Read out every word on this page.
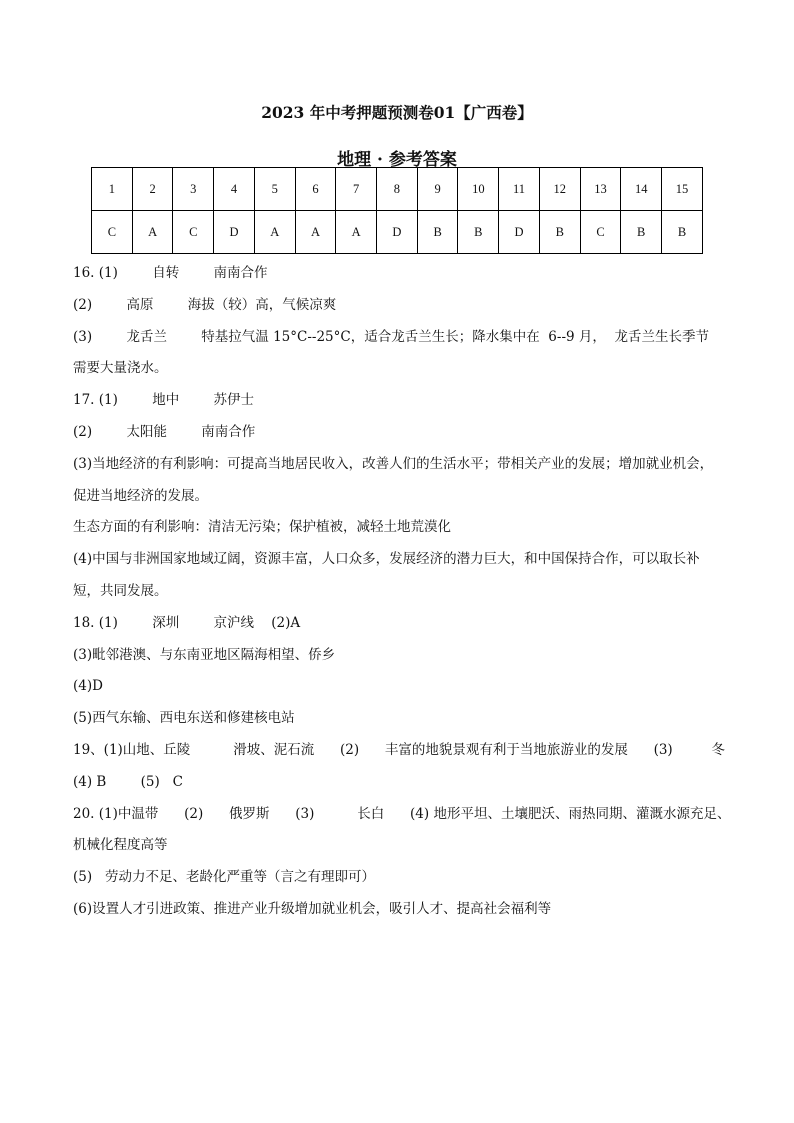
2023 年中考押题预测卷01【广西卷】
地理 · 参考答案
1	2	3	4	5	6	7	8	9	10	11	12	13	14	15
C	A	C	D	A	A	A	D	B	B	D	B	C	B	B

16. (1)        自转        南南合作

(2)        高原        海拔（较）高，气候凉爽

(3)        龙舌兰        特基拉气温 15°C--25°C，适合龙舌兰生长；降水集中在  6--9 月，  龙舌兰生长季节

需要大量浇水。

17. (1)        地中        苏伊士

(2)        太阳能        南南合作

(3)当地经济的有利影响：可提高当地居民收入，改善人们的生活水平；带相关产业的发展；增加就业机会，

促进当地经济的发展。

生态方面的有利影响：清洁无污染；保护植被，减轻土地荒漠化

(4)中国与非洲国家地域辽阔，资源丰富，人口众多，发展经济的潜力巨大，和中国保持合作，可以取长补

短，共同发展。

18. (1)        深圳        京沪线    (2)A

(3)毗邻港澳、与东南亚地区隔海相望、侨乡

(4)D

(5)西气东输、西电东送和修建核电站

19、(1)山地、丘陵          滑坡、泥石流      (2)      丰富的地貌景观有利于当地旅游业的发展      (3)         冬

(4) B        (5)   C

20. (1)中温带      (2)      俄罗斯      (3)          长白      (4) 地形平坦、土壤肥沃、雨热同期、灌溉水源充足、

机械化程度高等

(5)   劳动力不足、老龄化严重等（言之有理即可）

(6)设置人才引进政策、推进产业升级增加就业机会，吸引人才、提高社会福利等
